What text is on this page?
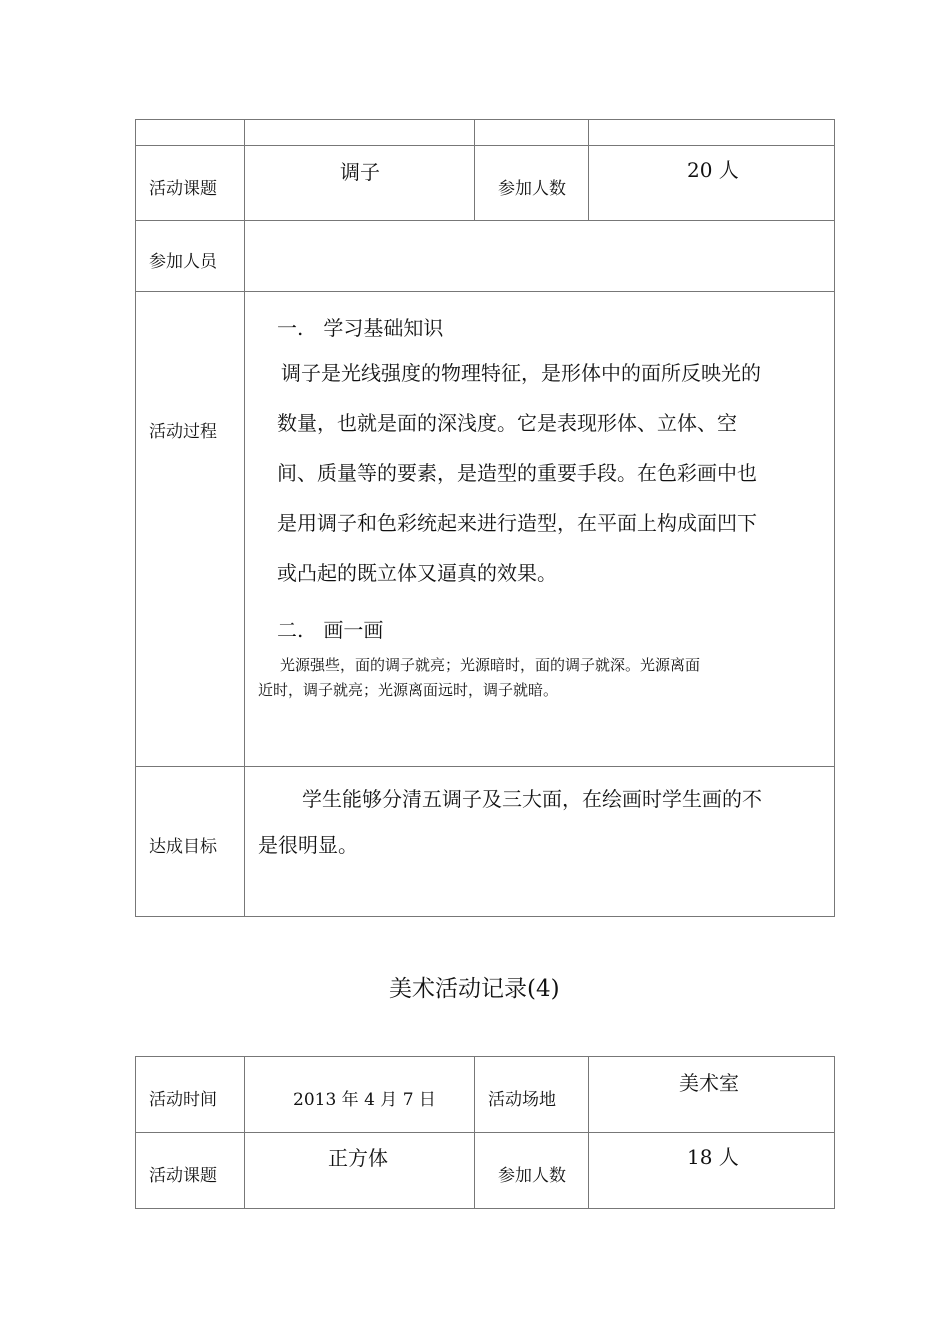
活动课题
调子
参加人数
20 人
参加人员
活动过程
一.　学习基础知识
调子是光线强度的物理特征，是形体中的面所反映光的
数量，也就是面的深浅度。它是表现形体、立体、空
间、质量等的要素，是造型的重要手段。在色彩画中也
是用调子和色彩统起来进行造型，在平面上构成面凹下
或凸起的既立体又逼真的效果。
二.　画一画
光源强些，面的调子就亮；光源暗时，面的调子就深。光源离面
近时，调子就亮；光源离面远时，调子就暗。
达成目标
学生能够分清五调子及三大面，在绘画时学生画的不
是很明显。
美术活动记录(4)
活动时间	2013 年 4 月 7 日	活动场地
美术室
活动课题
正方体
参加人数
18 人
